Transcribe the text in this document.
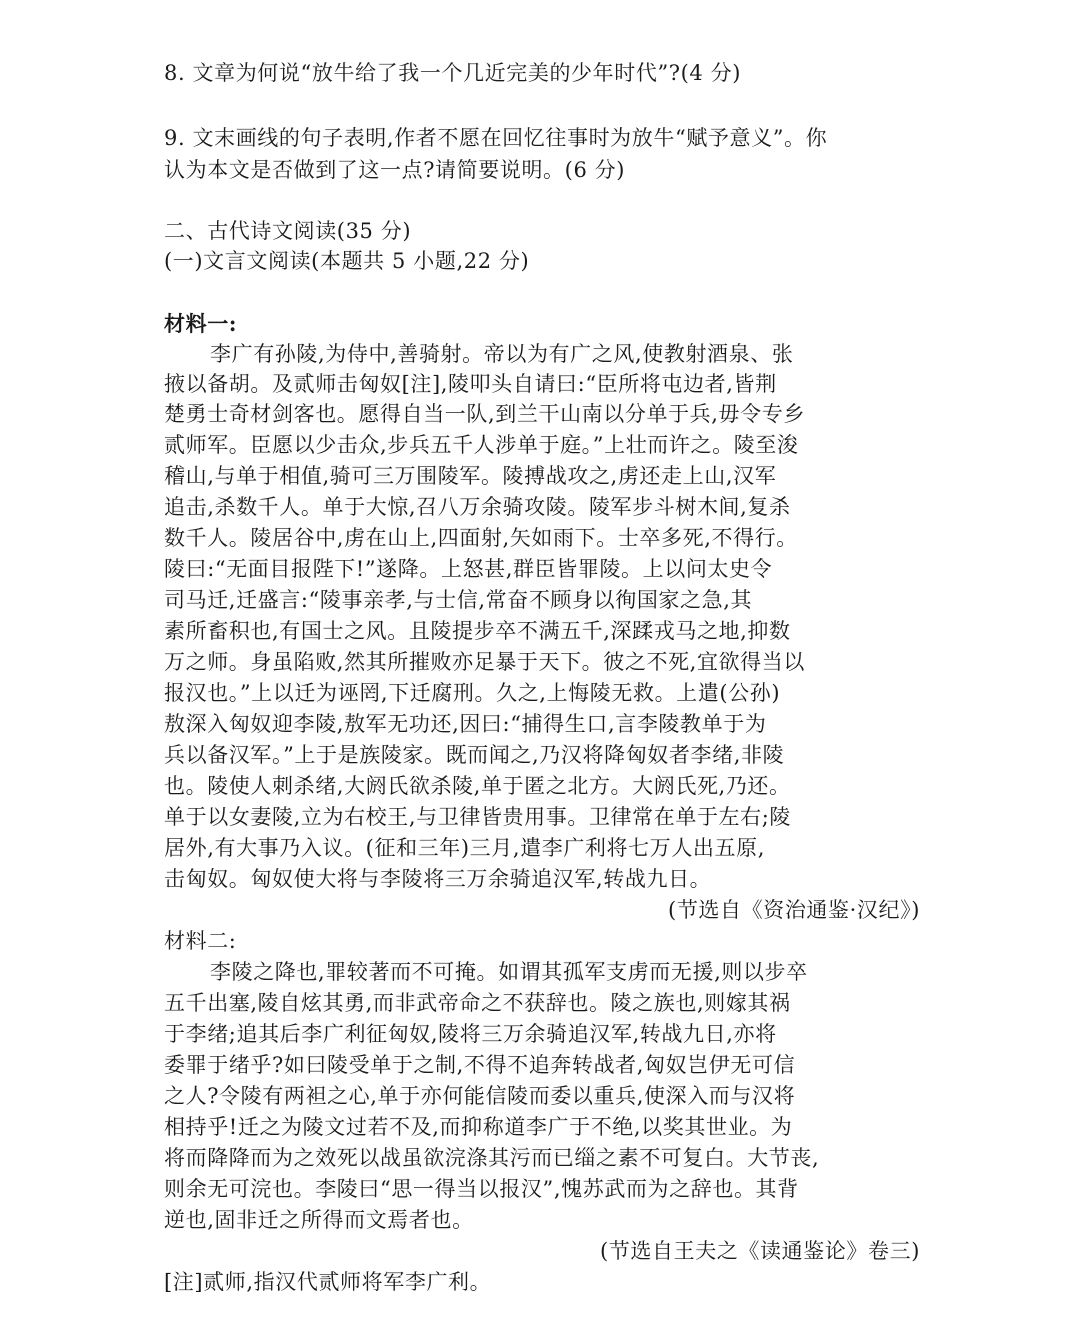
8. 文章为何说“放牛给了我一个几近完美的少年时代”?(4 分)
9. 文末画线的句子表明,作者不愿在回忆往事时为放牛“赋予意义”。你
认为本文是否做到了这一点?请简要说明。(6 分)
二、古代诗文阅读(35 分)
(一)文言文阅读(本题共 5 小题,22 分)
材料一:
李广有孙陵,为侍中,善骑射。帝以为有广之风,使教射酒泉、张
掖以备胡。及贰师击匈奴[注],陵叩头自请曰:“臣所将屯边者,皆荆
楚勇士奇材剑客也。愿得自当一队,到兰干山南以分单于兵,毋令专乡
贰师军。臣愿以少击众,步兵五千人涉单于庭。”上壮而许之。陵至浚
稽山,与单于相值,骑可三万围陵军。陵搏战攻之,虏还走上山,汉军
追击,杀数千人。单于大惊,召八万余骑攻陵。陵军步斗树木间,复杀
数千人。陵居谷中,虏在山上,四面射,矢如雨下。士卒多死,不得行。
陵曰:“无面目报陛下!”遂降。上怒甚,群臣皆罪陵。上以问太史令
司马迁,迁盛言:“陵事亲孝,与士信,常奋不顾身以徇国家之急,其
素所畜积也,有国士之风。且陵提步卒不满五千,深蹂戎马之地,抑数
万之师。身虽陷败,然其所摧败亦足暴于天下。彼之不死,宜欲得当以
报汉也。”上以迁为诬罔,下迁腐刑。久之,上悔陵无救。上遣(公孙)
敖深入匈奴迎李陵,敖军无功还,因曰:“捕得生口,言李陵教单于为
兵以备汉军。”上于是族陵家。既而闻之,乃汉将降匈奴者李绪,非陵
也。陵使人刺杀绪,大阏氏欲杀陵,单于匿之北方。大阏氏死,乃还。
单于以女妻陵,立为右校王,与卫律皆贵用事。卫律常在单于左右;陵
居外,有大事乃入议。(征和三年)三月,遣李广利将七万人出五原,
击匈奴。匈奴使大将与李陵将三万余骑追汉军,转战九日。
(节选自《资治通鉴·汉纪》)
材料二:
李陵之降也,罪较著而不可掩。如谓其孤军支虏而无援,则以步卒
五千出塞,陵自炫其勇,而非武帝命之不获辞也。陵之族也,则嫁其祸
于李绪;追其后李广利征匈奴,陵将三万余骑追汉军,转战九日,亦将
委罪于绪乎?如曰陵受单于之制,不得不追奔转战者,匈奴岂伊无可信
之人?令陵有两袒之心,单于亦何能信陵而委以重兵,使深入而与汉将
相持乎!迁之为陵文过若不及,而抑称道李广于不绝,以奖其世业。为
将而降降而为之效死以战虽欲浣涤其污而已缁之素不可复白。大节丧,
则余无可浣也。李陵曰“思一得当以报汉”,愧苏武而为之辞也。其背
逆也,固非迁之所得而文焉者也。
(节选自王夫之《读通鉴论》卷三)
[注]贰师,指汉代贰师将军李广利。
